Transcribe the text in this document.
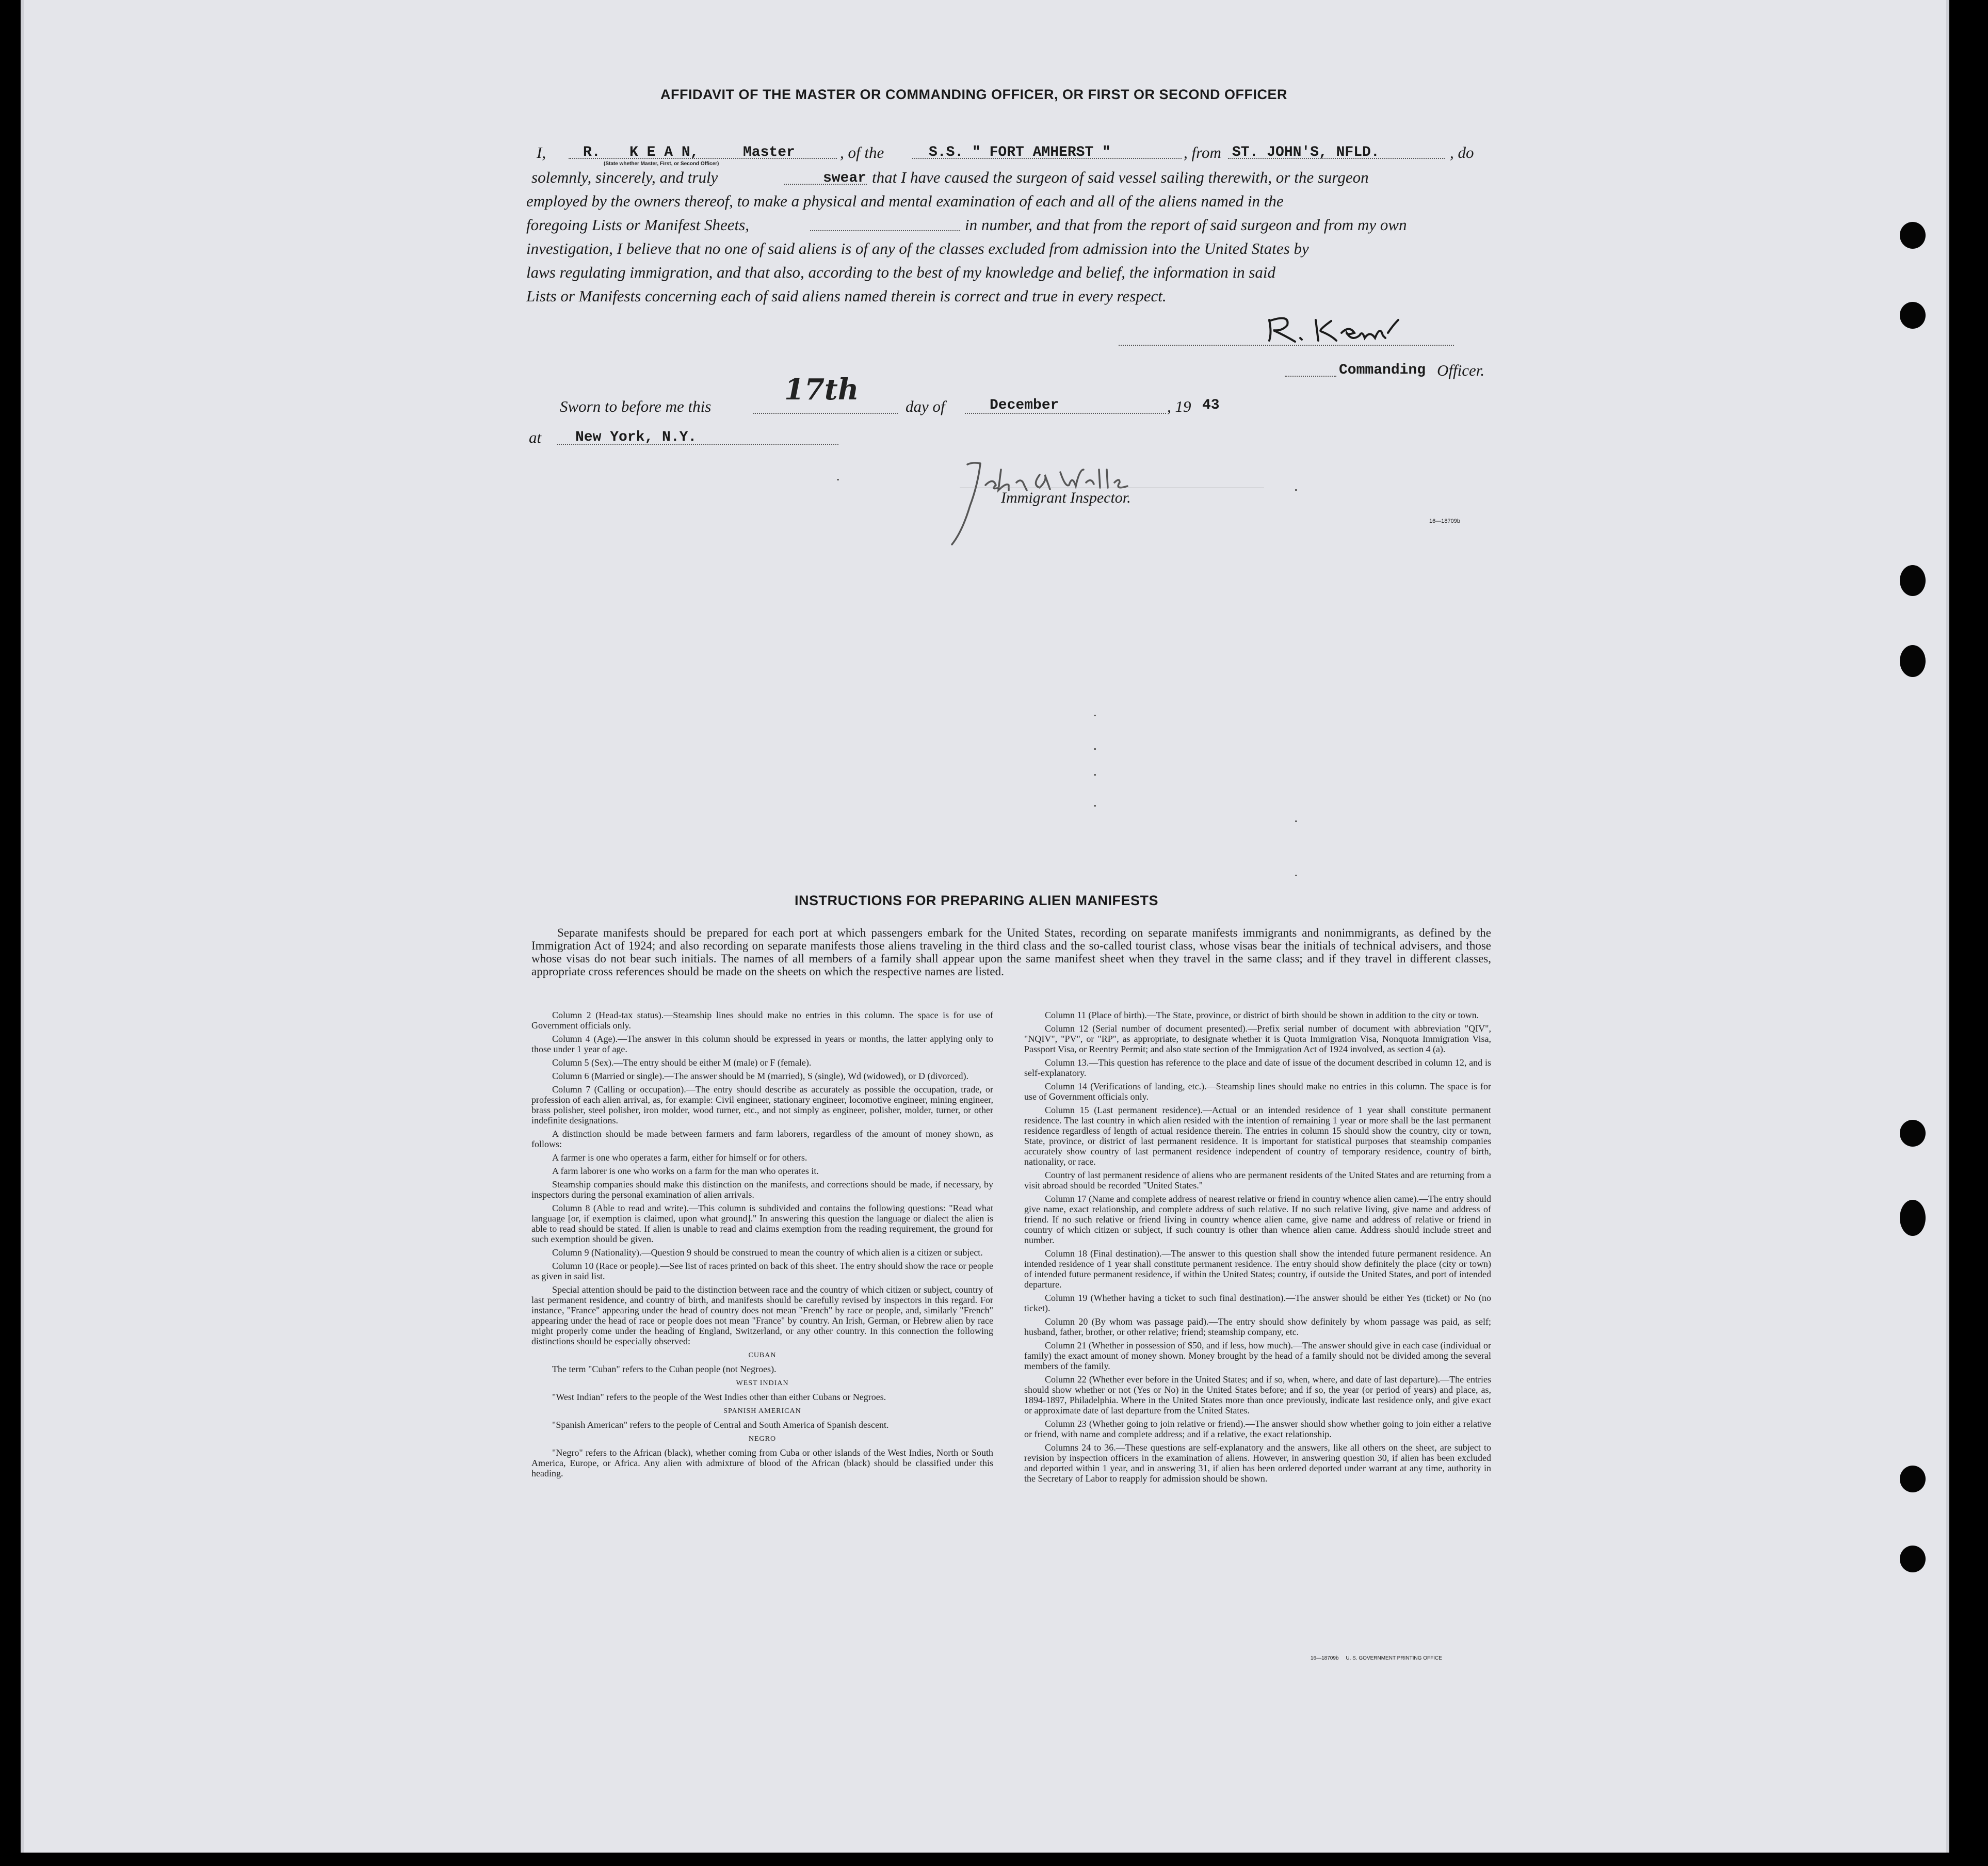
AFFIDAVIT OF THE MASTER OR COMMANDING OFFICER, OR FIRST OR SECOND OFFICER
I,	R. K E A N,	Master
(State whether Master, First, or Second Officer)
, of the	S.S. " FORT AMHERST "	, from ST. JOHN'S, NFLD.	, do
solemnly, sincerely, and truly	swear that I have caused the surgeon of said vessel sailing therewith, or the surgeon
employed by the owners thereof, to make a physical and mental examination of each and all of the aliens named in the
foregoing Lists or Manifest Sheets,	in number, and that from the report of said surgeon and from my own
investigation, I believe that no one of said aliens is of any of the classes excluded from admission into the United States by
laws regulating immigration, and that also, according to the best of my knowledge and belief, the information in said
Lists or Manifests concerning each of said aliens named therein is correct and true in every respect.
Commanding Officer.
Sworn to before me this	17th	day of	December	, 19 43
at New York, N.Y.
Immigrant Inspector.
16—18709b
INSTRUCTIONS FOR PREPARING ALIEN MANIFESTS
Separate manifests should be prepared for each port at which passengers embark for the United States, recording on separate manifests immigrants and nonimmigrants, as defined by the Immigration Act of 1924; and also recording on separate manifests those aliens traveling in the third class and the so-called tourist class, whose visas bear the initials of technical advisers, and those whose visas do not bear such initials. The names of all members of a family shall appear upon the same manifest sheet when they travel in the same class; and if they travel in different classes, appropriate cross references should be made on the sheets on which the respective names are listed.

Column 2 (Head-tax status).—Steamship lines should make no entries in this column. The space is for use of Government officials only.

Column 4 (Age).—The answer in this column should be expressed in years or months, the latter applying only to those under 1 year of age.

Column 5 (Sex).—The entry should be either M (male) or F (female).

Column 6 (Married or single).—The answer should be M (married), S (single), Wd (widowed), or D (divorced).

Column 7 (Calling or occupation).—The entry should describe as accurately as possible the occupation, trade, or profession of each alien arrival, as, for example: Civil engineer, stationary engineer, locomotive engineer, mining engineer, brass polisher, steel polisher, iron molder, wood turner, etc., and not simply as engineer, polisher, molder, turner, or other indefinite designations.

A distinction should be made between farmers and farm laborers, regardless of the amount of money shown, as follows:

A farmer is one who operates a farm, either for himself or for others.

A farm laborer is one who works on a farm for the man who operates it.

Steamship companies should make this distinction on the manifests, and corrections should be made, if necessary, by inspectors during the personal examination of alien arrivals.

Column 8 (Able to read and write).—This column is subdivided and contains the following questions: "Read what language [or, if exemption is claimed, upon what ground]." In answering this question the language or dialect the alien is able to read should be stated. If alien is unable to read and claims exemption from the reading requirement, the ground for such exemption should be given.

Column 9 (Nationality).—Question 9 should be construed to mean the country of which alien is a citizen or subject.

Column 10 (Race or people).—See list of races printed on back of this sheet. The entry should show the race or people as given in said list.

Special attention should be paid to the distinction between race and the country of which citizen or subject, country of last permanent residence, and country of birth, and manifests should be carefully revised by inspectors in this regard. For instance, "France" appearing under the head of country does not mean "French" by race or people, and, similarly "French" appearing under the head of race or people does not mean "France" by country. An Irish, German, or Hebrew alien by race might properly come under the heading of England, Switzerland, or any other country. In this connection the following distinctions should be especially observed:

CUBAN

The term "Cuban" refers to the Cuban people (not Negroes).

WEST INDIAN

"West Indian" refers to the people of the West Indies other than either Cubans or Negroes.

SPANISH AMERICAN

"Spanish American" refers to the people of Central and South America of Spanish descent.

NEGRO

"Negro" refers to the African (black), whether coming from Cuba or other islands of the West Indies, North or South America, Europe, or Africa. Any alien with admixture of blood of the African (black) should be classified under this heading.

Column 11 (Place of birth).—The State, province, or district of birth should be shown in addition to the city or town.

Column 12 (Serial number of document presented).—Prefix serial number of document with abbreviation "QIV", "NQIV", "PV", or "RP", as appropriate, to designate whether it is Quota Immigration Visa, Nonquota Immigration Visa, Passport Visa, or Reentry Permit; and also state section of the Immigration Act of 1924 involved, as section 4 (a).

Column 13.—This question has reference to the place and date of issue of the document described in column 12, and is self-explanatory.

Column 14 (Verifications of landing, etc.).—Steamship lines should make no entries in this column. The space is for use of Government officials only.

Column 15 (Last permanent residence).—Actual or an intended residence of 1 year shall constitute permanent residence. The last country in which alien resided with the intention of remaining 1 year or more shall be the last permanent residence regardless of length of actual residence therein. The entries in column 15 should show the country, city or town, State, province, or district of last permanent residence. It is important for statistical purposes that steamship companies accurately show country of last permanent residence independent of country of temporary residence, country of birth, nationality, or race.

Country of last permanent residence of aliens who are permanent residents of the United States and are returning from a visit abroad should be recorded "United States."

Column 17 (Name and complete address of nearest relative or friend in country whence alien came).—The entry should give name, exact relationship, and complete address of such relative. If no such relative living, give name and address of friend. If no such relative or friend living in country whence alien came, give name and address of relative or friend in country of which citizen or subject, if such country is other than whence alien came. Address should include street and number.

Column 18 (Final destination).—The answer to this question shall show the intended future permanent residence. An intended residence of 1 year shall constitute permanent residence. The entry should show definitely the place (city or town) of intended future permanent residence, if within the United States; country, if outside the United States, and port of intended departure.

Column 19 (Whether having a ticket to such final destination).—The answer should be either Yes (ticket) or No (no ticket).

Column 20 (By whom was passage paid).—The entry should show definitely by whom passage was paid, as self; husband, father, brother, or other relative; friend; steamship company, etc.

Column 21 (Whether in possession of $50, and if less, how much).—The answer should give in each case (individual or family) the exact amount of money shown. Money brought by the head of a family should not be divided among the several members of the family.

Column 22 (Whether ever before in the United States; and if so, when, where, and date of last departure).—The entries should show whether or not (Yes or No) in the United States before; and if so, the year (or period of years) and place, as, 1894-1897, Philadelphia. Where in the United States more than once previously, indicate last residence only, and give exact or approximate date of last departure from the United States.

Column 23 (Whether going to join relative or friend).—The answer should show whether going to join either a relative or friend, with name and complete address; and if a relative, the exact relationship.

Columns 24 to 36.—These questions are self-explanatory and the answers, like all others on the sheet, are subject to revision by inspection officers in the examination of aliens. However, in answering question 30, if alien has been excluded and deported within 1 year, and in answering 31, if alien has been ordered deported under warrant at any time, authority in the Secretary of Labor to reapply for admission should be shown.

16—18709b     U. S. GOVERNMENT PRINTING OFFICE
